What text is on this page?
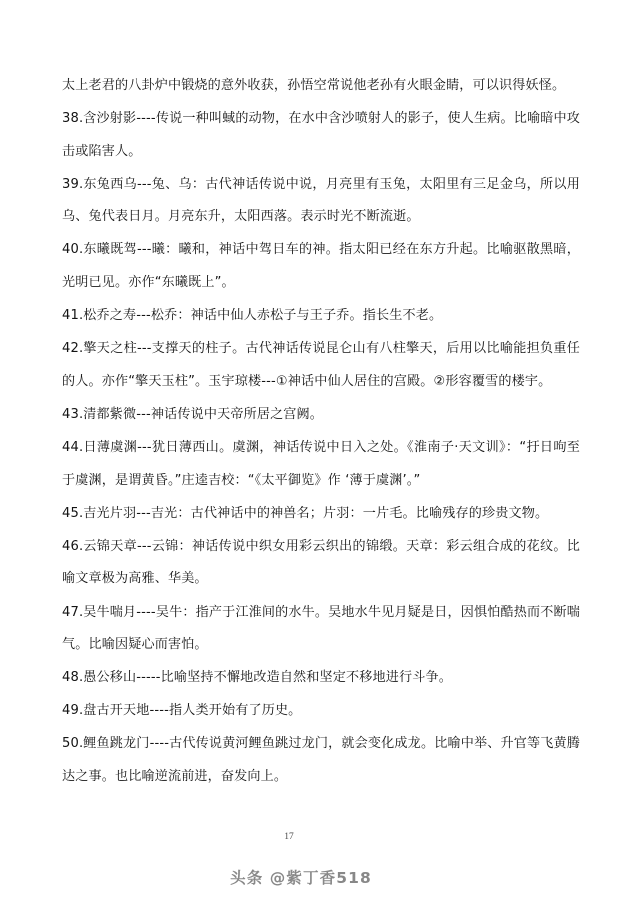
太上老君的八卦炉中锻烧的意外收获，孙悟空常说他老孙有火眼金睛，可以识得妖怪。

38.含沙射影----传说一种叫蜮的动物，在水中含沙喷射人的影子，使人生病。比喻暗中攻击或陷害人。

39.东兔西乌---兔、乌：古代神话传说中说，月亮里有玉兔，太阳里有三足金乌，所以用乌、兔代表日月。月亮东升，太阳西落。表示时光不断流逝。

40.东曦既驾---曦：曦和，神话中驾日车的神。指太阳已经在东方升起。比喻驱散黑暗，光明已见。亦作“东曦既上”。

41.松乔之寿---松乔：神话中仙人赤松子与王子乔。指长生不老。

42.擎天之柱---支撑天的柱子。古代神话传说昆仑山有八柱擎天，后用以比喻能担负重任的人。亦作“擎天玉柱”。玉宇琼楼---①神话中仙人居住的宫殿。②形容覆雪的楼宇。

43.清都紫微---神话传说中天帝所居之宫阙。

44.日薄虞渊---犹日薄西山。虞渊，神话传说中日入之处。《淮南子·天文训》：“扜日呴至于虞渊，是谓黄昏。”庄逵吉校：“《太平御览》作 ‘薄于虞渊’。”

45.吉光片羽---吉光：古代神话中的神兽名；片羽：一片毛。比喻残存的珍贵文物。

46.云锦天章---云锦：神话传说中织女用彩云织出的锦缎。天章：彩云组合成的花纹。比喻文章极为高雅、华美。

47.吴牛喘月----吴牛：指产于江淮间的水牛。吴地水牛见月疑是日，因惧怕酷热而不断喘气。比喻因疑心而害怕。

48.愚公移山-----比喻坚持不懈地改造自然和坚定不移地进行斗争。

49.盘古开天地----指人类开始有了历史。

50.鲤鱼跳龙门----古代传说黄河鲤鱼跳过龙门，就会变化成龙。比喻中举、升官等飞黄腾达之事。也比喻逆流前进，奋发向上。

17
头条 @紫丁香518
